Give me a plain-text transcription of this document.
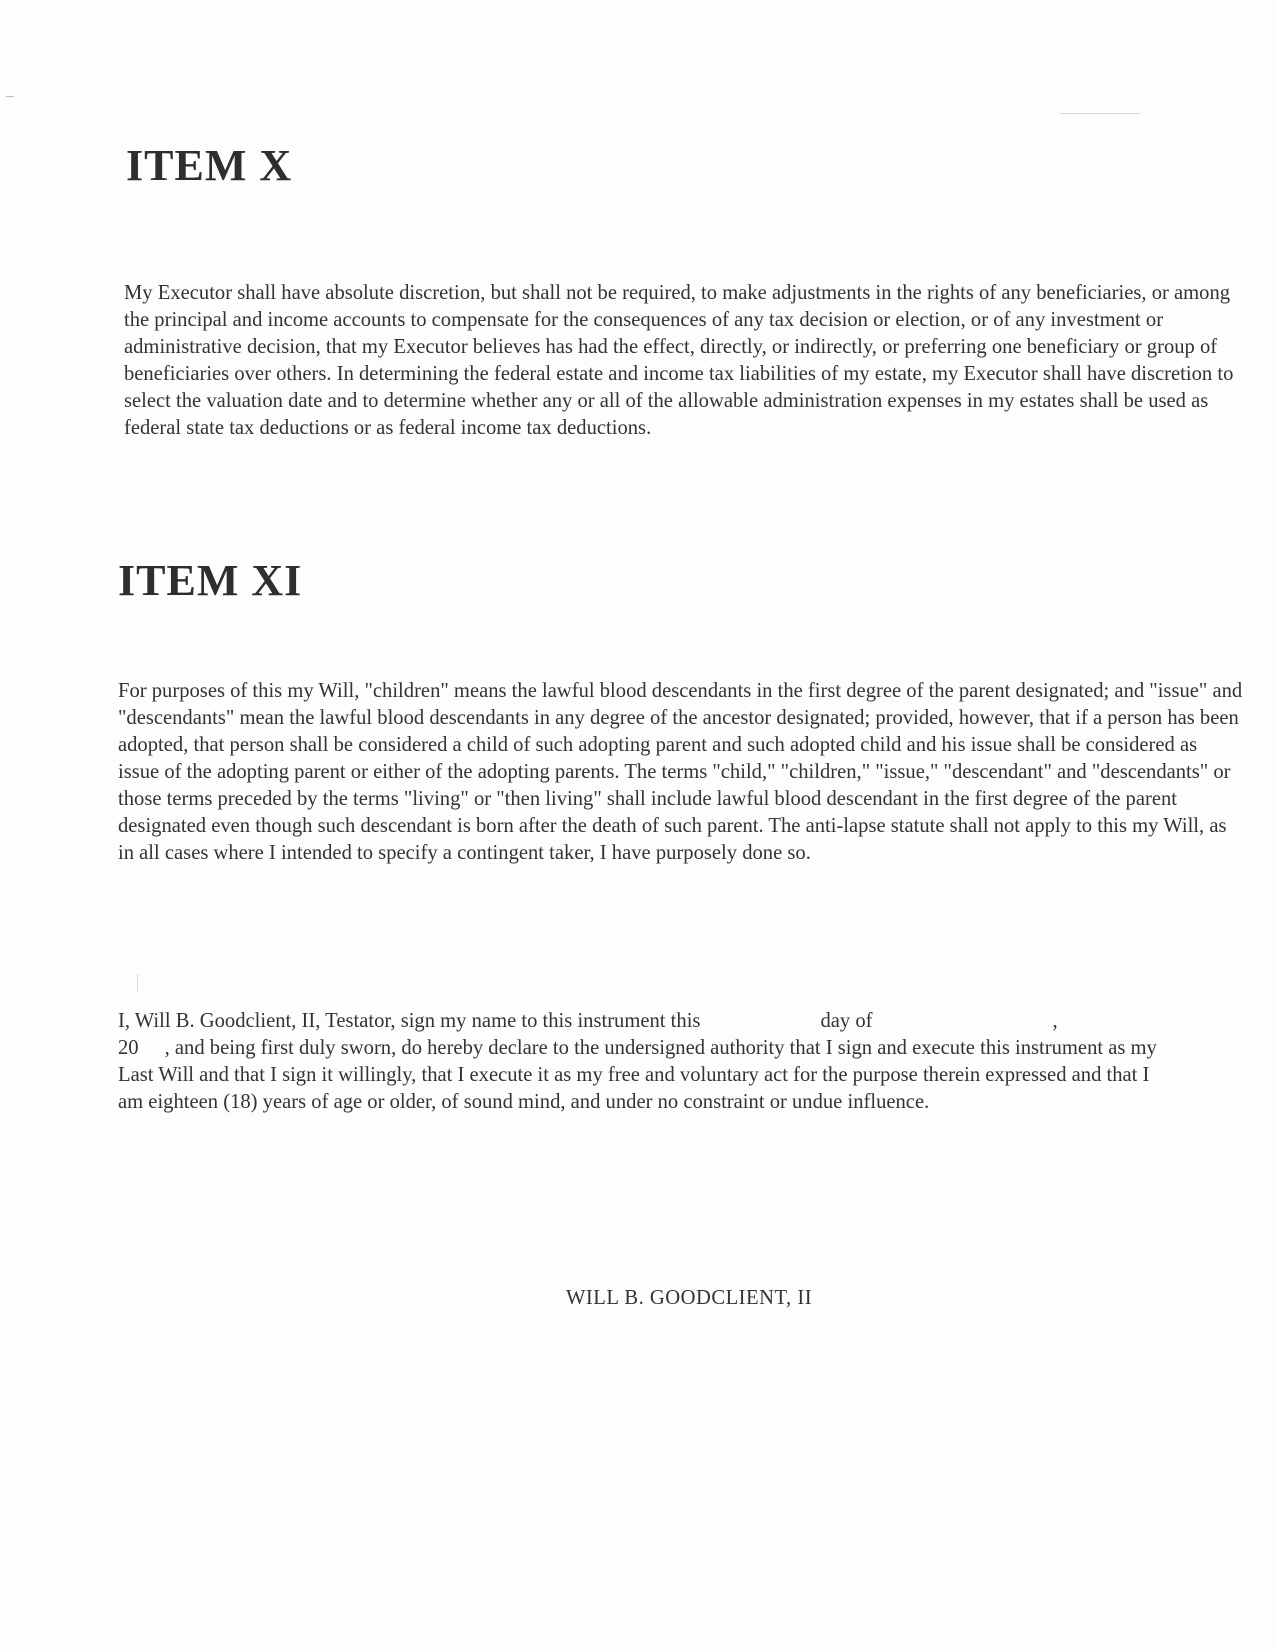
ITEM X

My Executor shall have absolute discretion, but shall not be required, to make adjustments in the rights of any beneficiaries, or among the principal and income accounts to compensate for the consequences of any tax decision or election, or of any investment or administrative decision, that my Executor believes has had the effect, directly, or indirectly, or preferring one beneficiary or group of beneficiaries over others. In determining the federal estate and income tax liabilities of my estate, my Executor shall have discretion to select the valuation date and to determine whether any or all of the allowable administration expenses in my estates shall be used as federal state tax deductions or as federal income tax deductions.

ITEM XI

For purposes of this my Will, "children" means the lawful blood descendants in the first degree of the parent designated; and "issue" and "descendants" mean the lawful blood descendants in any degree of the ancestor designated; provided, however, that if a person has been adopted, that person shall be considered a child of such adopting parent and such adopted child and his issue shall be considered as issue of the adopting parent or either of the adopting parents. The terms "child," "children," "issue," "descendant" and "descendants" or those terms preceded by the terms "living" or "then living" shall include lawful blood descendant in the first degree of the parent designated even though such descendant is born after the death of such parent. The anti-lapse statute shall not apply to this my Will, as in all cases where I intended to specify a contingent taker, I have purposely done so.

I, Will B. Goodclient, II, Testator, sign my name to this instrument this	day of	,
20 , and being first duly sworn, do hereby declare to the undersigned authority that I sign and execute this instrument as my Last Will and that I sign it willingly, that I execute it as my free and voluntary act for the purpose therein expressed and that I am eighteen (18) years of age or older, of sound mind, and under no constraint or undue influence.

WILL B. GOODCLIENT, II
